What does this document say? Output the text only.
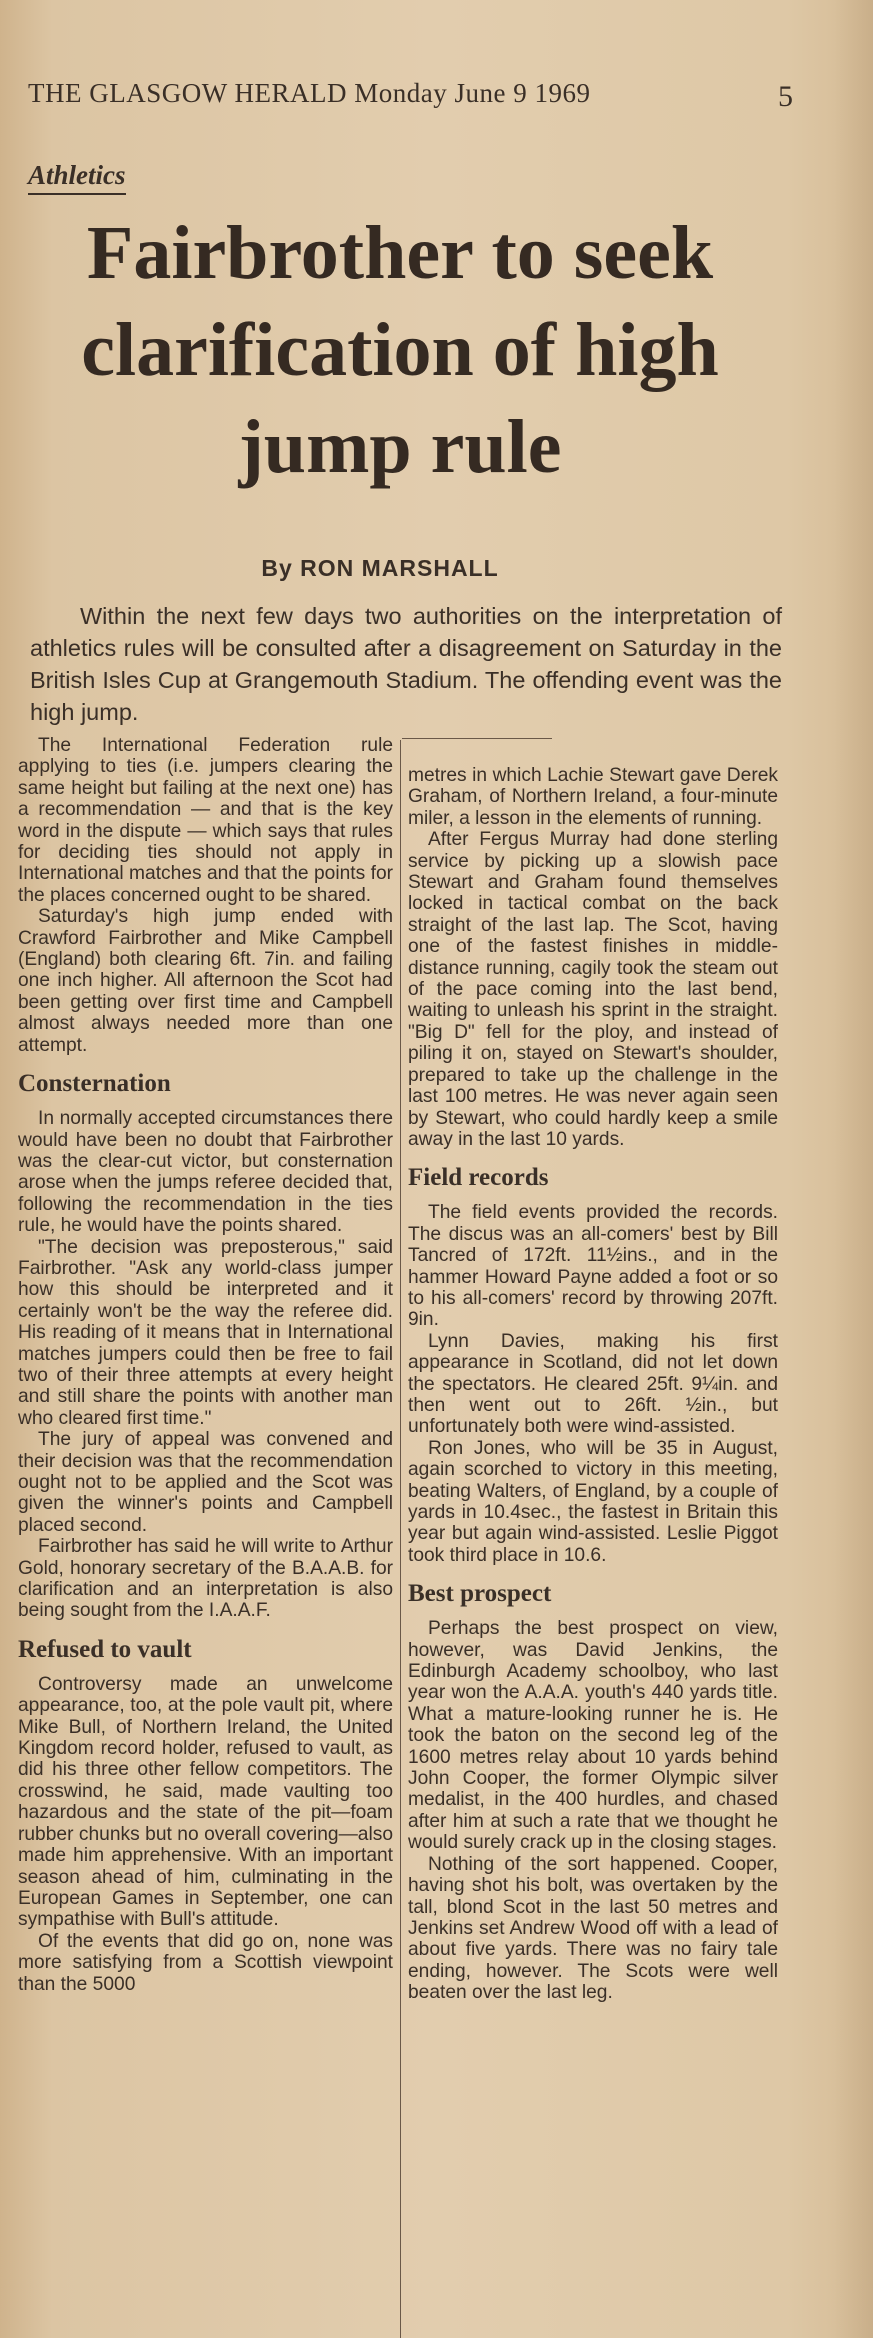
THE GLASGOW HERALD Monday June 9 1969	5
Athletics
Fairbrother to seek clarification of high jump rule
By RON MARSHALL
Within the next few days two authorities on the interpretation of athletics rules will be consulted after a disagreement on Saturday in the British Isles Cup at Grangemouth Stadium. The offending event was the high jump.

The International Federation rule applying to ties (i.e. jumpers clearing the same height but failing at the next one) has a recommendation — and that is the key word in the dispute — which says that rules for deciding ties should not apply in International matches and that the points for the places concerned ought to be shared.

Saturday's high jump ended with Crawford Fairbrother and Mike Campbell (England) both clearing 6ft. 7in. and failing one inch higher. All afternoon the Scot had been getting over first time and Campbell almost always needed more than one attempt.

Consternation

In normally accepted circumstances there would have been no doubt that Fairbrother was the clear-cut victor, but consternation arose when the jumps referee decided that, following the recommendation in the ties rule, he would have the points shared.

"The decision was preposterous," said Fairbrother. "Ask any world-class jumper how this should be interpreted and it certainly won't be the way the referee did. His reading of it means that in International matches jumpers could then be free to fail two of their three attempts at every height and still share the points with another man who cleared first time."

The jury of appeal was convened and their decision was that the recommendation ought not to be applied and the Scot was given the winner's points and Campbell placed second.

Fairbrother has said he will write to Arthur Gold, honorary secretary of the B.A.A.B. for clarification and an interpretation is also being sought from the I.A.A.F.

Refused to vault

Controversy made an unwelcome appearance, too, at the pole vault pit, where Mike Bull, of Northern Ireland, the United Kingdom record holder, refused to vault, as did his three other fellow competitors. The crosswind, he said, made vaulting too hazardous and the state of the pit—foam rubber chunks but no overall covering—also made him apprehensive. With an important season ahead of him, culminating in the European Games in September, one can sympathise with Bull's attitude.

Of the events that did go on, none was more satisfying from a Scottish viewpoint than the 5000

metres in which Lachie Stewart gave Derek Graham, of Northern Ireland, a four-minute miler, a lesson in the elements of running.

After Fergus Murray had done sterling service by picking up a slowish pace Stewart and Graham found themselves locked in tactical combat on the back straight of the last lap. The Scot, having one of the fastest finishes in middle-distance running, cagily took the steam out of the pace coming into the last bend, waiting to unleash his sprint in the straight. "Big D" fell for the ploy, and instead of piling it on, stayed on Stewart's shoulder, prepared to take up the challenge in the last 100 metres. He was never again seen by Stewart, who could hardly keep a smile away in the last 10 yards.

Field records

The field events provided the records. The discus was an all-comers' best by Bill Tancred of 172ft. 11½ins., and in the hammer Howard Payne added a foot or so to his all-comers' record by throwing 207ft. 9in.

Lynn Davies, making his first appearance in Scotland, did not let down the spectators. He cleared 25ft. 9¼in. and then went out to 26ft. ½in., but unfortunately both were wind-assisted.

Ron Jones, who will be 35 in August, again scorched to victory in this meeting, beating Walters, of England, by a couple of yards in 10.4sec., the fastest in Britain this year but again wind-assisted. Leslie Piggot took third place in 10.6.

Best prospect

Perhaps the best prospect on view, however, was David Jenkins, the Edinburgh Academy schoolboy, who last year won the A.A.A. youth's 440 yards title. What a mature-looking runner he is. He took the baton on the second leg of the 1600 metres relay about 10 yards behind John Cooper, the former Olympic silver medalist, in the 400 hurdles, and chased after him at such a rate that we thought he would surely crack up in the closing stages.

Nothing of the sort happened. Cooper, having shot his bolt, was overtaken by the tall, blond Scot in the last 50 metres and Jenkins set Andrew Wood off with a lead of about five yards. There was no fairy tale ending, however. The Scots were well beaten over the last leg.
